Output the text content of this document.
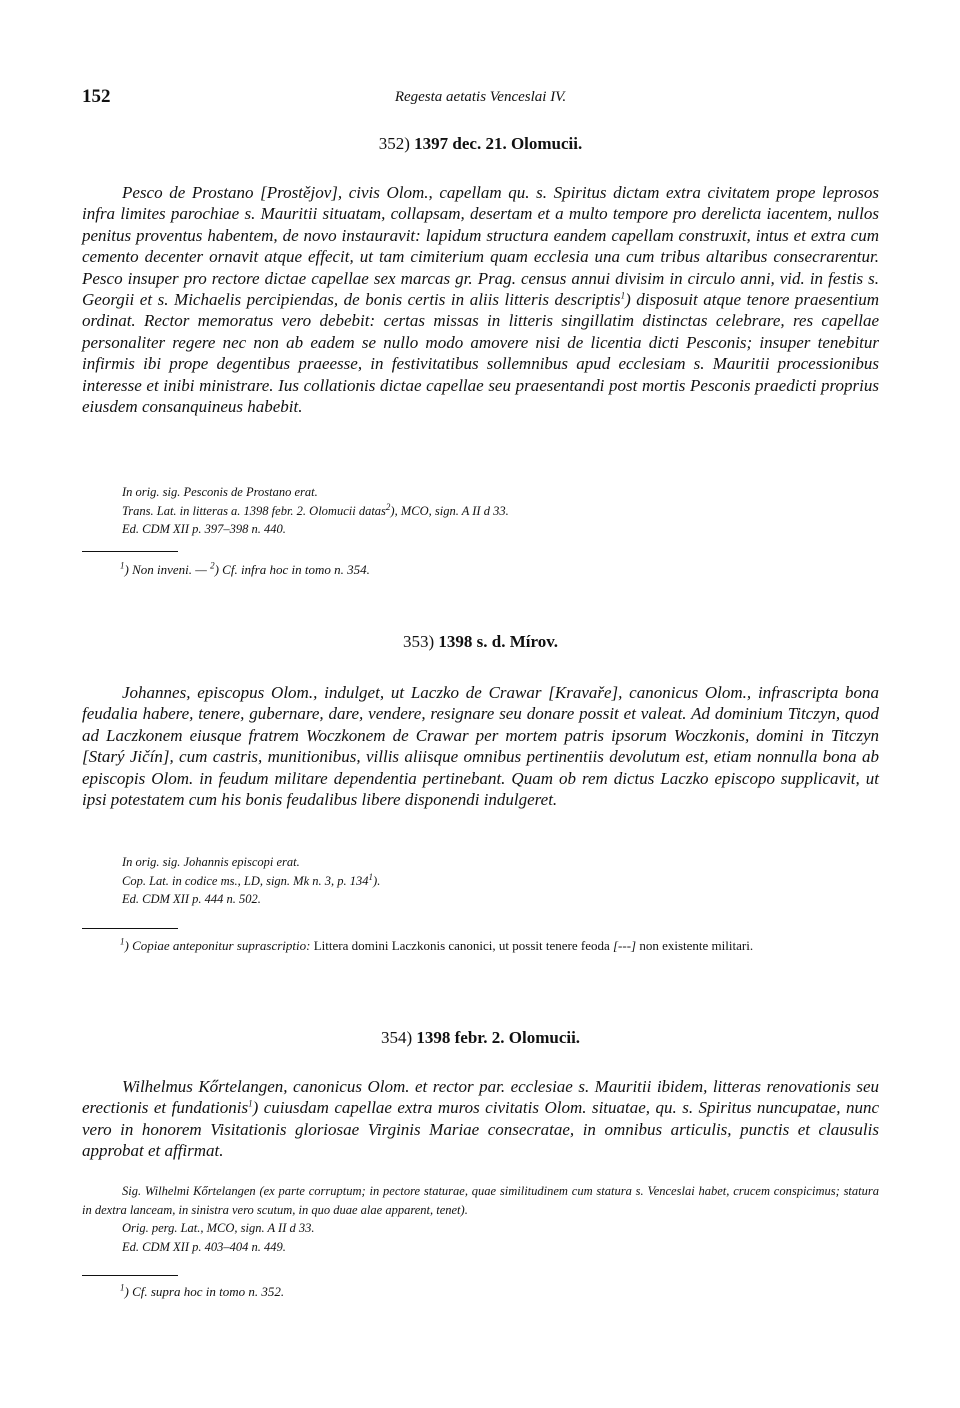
152	Regesta aetatis Venceslai IV.
352) 1397 dec. 21. Olomucii.
Pesco de Prostano [Prostějov], civis Olom., capellam qu. s. Spiritus dictam extra civitatem prope leprosos infra limites parochiae s. Mauritii situatam, collapsam, desertam et a multo tempore pro derelicta iacentem, nullos penitus proventus habentem, de novo instauravit: lapidum structura eandem capellam construxit, intus et extra cum cemento decenter ornavit atque effecit, ut tam cimiterium quam ecclesia una cum tribus altaribus consecrarentur. Pesco insuper pro rectore dictae capellae sex marcas gr. Prag. census annui divisim in circulo anni, vid. in festis s. Georgii et s. Michaelis percipiendas, de bonis certis in aliis litteris descriptis$^1$) disposuit atque tenore praesentium ordinat. Rector memoratus vero debebit: certas missas in litteris singillatim distinctas celebrare, res capellae personaliter regere nec non ab eadem se nullo modo amovere nisi de licentia dicti Pesconis; insuper tenebitur infirmis ibi prope degentibus praeesse, in festivitatibus sollemnibus apud ecclesiam s. Mauritii processionibus interesse et inibi ministrare. Ius collationis dictae capellae seu praesentandi post mortis Pesconis praedicti proprius eiusdem consanquineus habebit.
In orig. sig. Pesconis de Prostano erat.
Trans. Lat. in litteras a. 1398 febr. 2. Olomucii datas$^2$), MCO, sign. A II d 33.
Ed. CDM XII p. 397–398 n. 440.
$^1$) Non inveni. — $^2$) Cf. infra hoc in tomo n. 354.
353) 1398 s. d. Mírov.
Johannes, episcopus Olom., indulget, ut Laczko de Crawar [Kravaře], canonicus Olom., infrascripta bona feudalia habere, tenere, gubernare, dare, vendere, resignare seu donare possit et valeat. Ad dominium Titczyn, quod ad Laczkonem eiusque fratrem Woczkonem de Crawar per mortem patris ipsorum Woczkonis, domini in Titczyn [Starý Jičín], cum castris, munitionibus, villis aliisque omnibus pertinentiis devolutum est, etiam nonnulla bona ab episcopis Olom. in feudum militare dependentia pertinebant. Quam ob rem dictus Laczko episcopo supplicavit, ut ipsi potestatem cum his bonis feudalibus libere disponendi indulgeret.
In orig. sig. Johannis episcopi erat.
Cop. Lat. in codice ms., LD, sign. Mk n. 3, p. $134^1$).
Ed. CDM XII p. 444 n. 502.
$^1$) Copiae anteponitur suprascriptio: Littera domini Laczkonis canonici, ut possit tenere feoda [---] non existente militari.
354) 1398 febr. 2. Olomucii.
Wilhelmus Kőrtelangen, canonicus Olom. et rector par. ecclesiae s. Mauritii ibidem, litteras renovationis seu erectionis et fundationis$^1$) cuiusdam capellae extra muros civitatis Olom. situatae, qu. s. Spiritus nuncupatae, nunc vero in honorem Visitationis gloriosae Virginis Mariae consecratae, in omnibus articulis, punctis et clausulis approbat et affirmat.
Sig. Wilhelmi Kőrtelangen (ex parte corruptum; in pectore staturae, quae similitudinem cum statura s. Venceslai habet, crucem conspicimus; statura in dextra lanceam, in sinistra vero scutum, in quo duae alae apparent, tenet).
Orig. perg. Lat., MCO, sign. A II d 33.
Ed. CDM XII p. 403–404 n. 449.
$^1$) Cf. supra hoc in tomo n. 352.
